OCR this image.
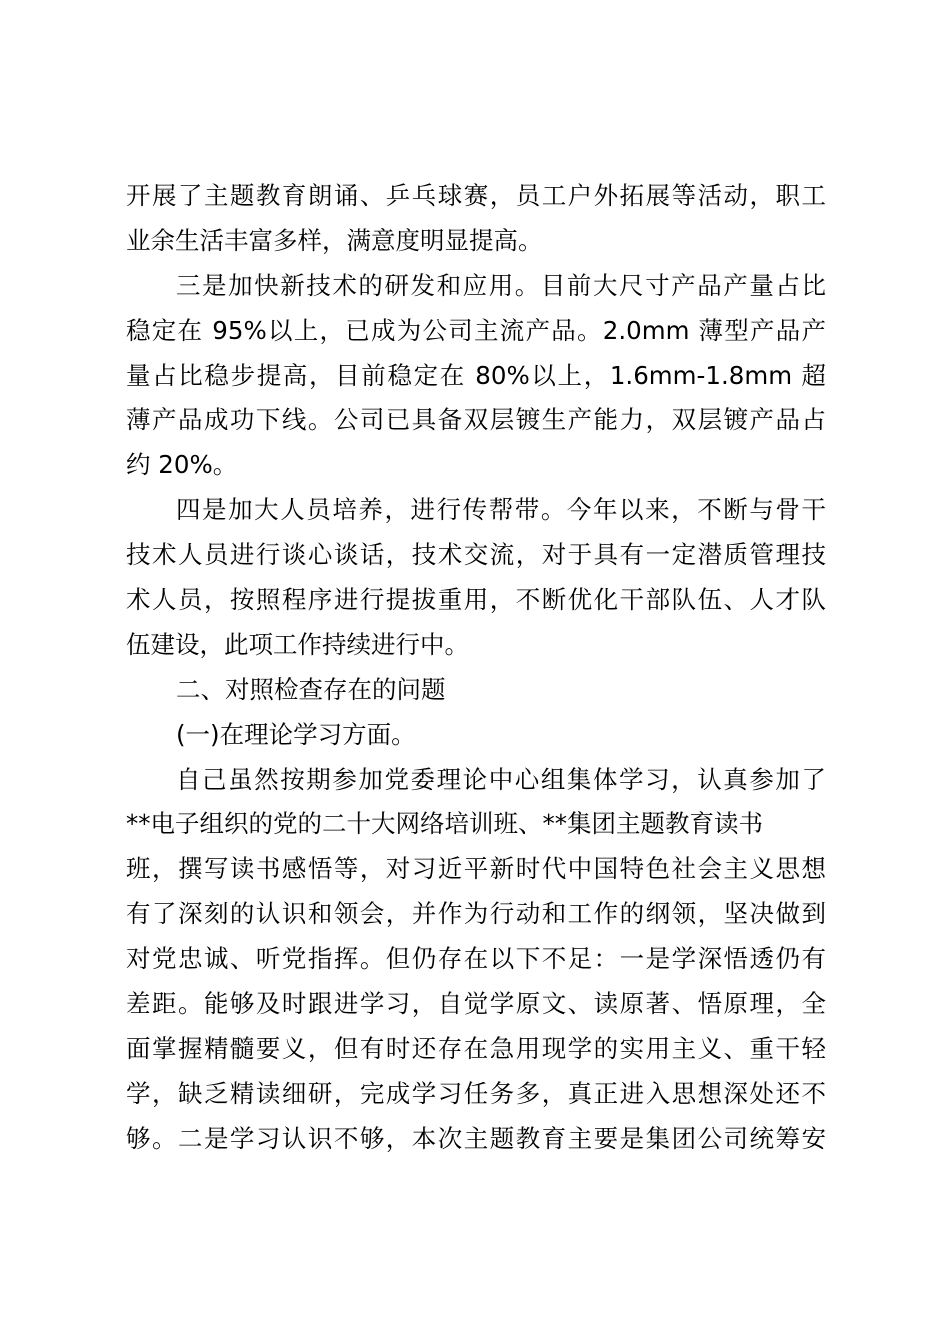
开展了主题教育朗诵、乒乓球赛，员工户外拓展等活动，职工
业余生活丰富多样，满意度明显提高。
三是加快新技术的研发和应用。目前大尺寸产品产量占比
稳定在 95%以上，已成为公司主流产品。2.0mm 薄型产品产
量占比稳步提高，目前稳定在 80%以上，1.6mm-1.8mm 超
薄产品成功下线。公司已具备双层镀生产能力，双层镀产品占
约 20%。
四是加大人员培养，进行传帮带。今年以来，不断与骨干
技术人员进行谈心谈话，技术交流，对于具有一定潜质管理技
术人员，按照程序进行提拔重用，不断优化干部队伍、人才队
伍建设，此项工作持续进行中。
二、对照检查存在的问题
(一)在理论学习方面。
自己虽然按期参加党委理论中心组集体学习，认真参加了
**电子组织的党的二十大网络培训班、**集团主题教育读书
班，撰写读书感悟等，对习近平新时代中国特色社会主义思想
有了深刻的认识和领会，并作为行动和工作的纲领，坚决做到
对党忠诚、听党指挥。但仍存在以下不足：一是学深悟透仍有
差距。能够及时跟进学习，自觉学原文、读原著、悟原理，全
面掌握精髓要义，但有时还存在急用现学的实用主义、重干轻
学，缺乏精读细研，完成学习任务多，真正进入思想深处还不
够。二是学习认识不够，本次主题教育主要是集团公司统筹安
